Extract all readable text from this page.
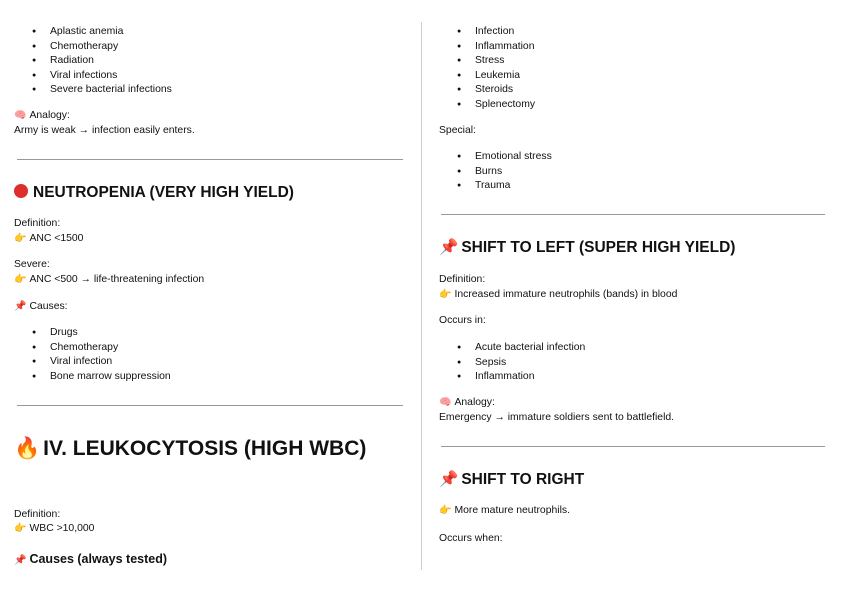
● Aplastic anemia
● Chemotherapy
● Radiation
● Viral infections
● Severe bacterial infections
🧠 Analogy:
Army is weak → infection easily enters.
NEUTROPENIA (VERY HIGH YIELD)
Definition:
👉 ANC <1500
Severe:
👉 ANC <500 → life-threatening infection
📌 Causes:
● Drugs
● Chemotherapy
● Viral infection
● Bone marrow suppression
🔥 IV. LEUKOCYTOSIS (HIGH WBC)
Definition:
👉 WBC >10,000
📌 Causes (always tested)
● Infection
● Inflammation
● Stress
● Leukemia
● Steroids
● Splenectomy
Special:
● Emotional stress
● Burns
● Trauma
📌 SHIFT TO LEFT (SUPER HIGH YIELD)
Definition:
👉 Increased immature neutrophils (bands) in blood
Occurs in:
● Acute bacterial infection
● Sepsis
● Inflammation
🧠 Analogy:
Emergency → immature soldiers sent to battlefield.
📌 SHIFT TO RIGHT
👉 More mature neutrophils.
Occurs when:
